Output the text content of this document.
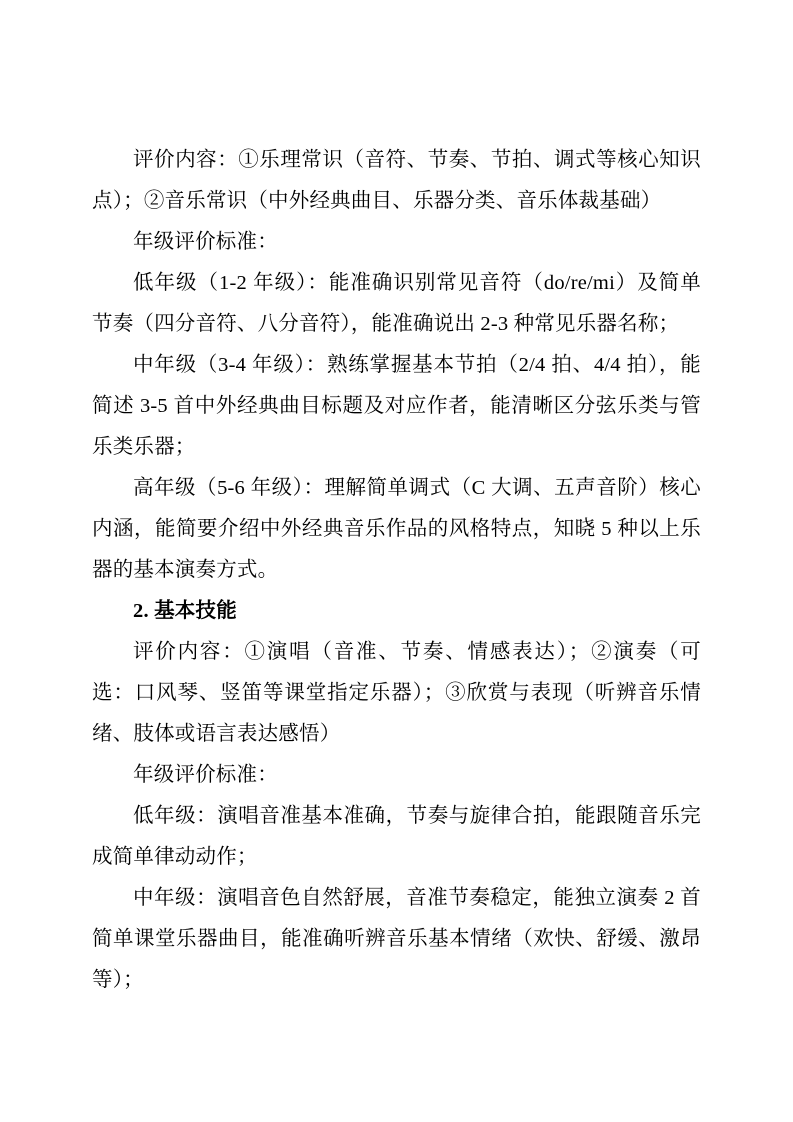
评价内容：①乐理常识（音符、节奏、节拍、调式等核心知识点）；②音乐常识（中外经典曲目、乐器分类、音乐体裁基础）

年级评价标准：

低年级（1-2 年级）：能准确识别常见音符（do/re/mi）及简单节奏（四分音符、八分音符），能准确说出 2-3 种常见乐器名称；

中年级（3-4 年级）：熟练掌握基本节拍（2/4 拍、4/4 拍），能简述 3-5 首中外经典曲目标题及对应作者，能清晰区分弦乐类与管乐类乐器；

高年级（5-6 年级）：理解简单调式（C 大调、五声音阶）核心内涵，能简要介绍中外经典音乐作品的风格特点，知晓 5 种以上乐器的基本演奏方式。

2. 基本技能

评价内容：①演唱（音准、节奏、情感表达）；②演奏（可选：口风琴、竖笛等课堂指定乐器）；③欣赏与表现（听辨音乐情绪、肢体或语言表达感悟）

年级评价标准：

低年级：演唱音准基本准确，节奏与旋律合拍，能跟随音乐完成简单律动动作；

中年级：演唱音色自然舒展，音准节奏稳定，能独立演奏 2 首简单课堂乐器曲目，能准确听辨音乐基本情绪（欢快、舒缓、激昂等）；
